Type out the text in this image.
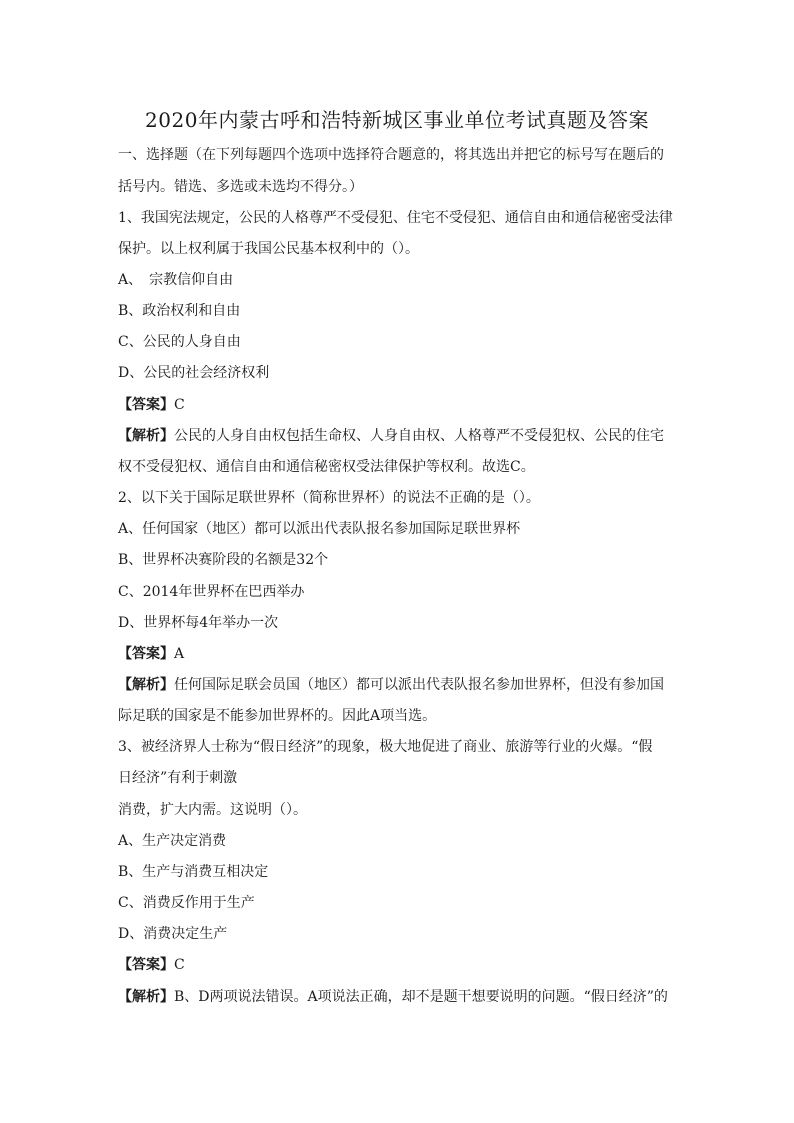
2020年内蒙古呼和浩特新城区事业单位考试真题及答案
一、选择题（在下列每题四个选项中选择符合题意的，将其选出并把它的标号写在题后的
括号内。错选、多选或未选均不得分。）
1、我国宪法规定，公民的人格尊严不受侵犯、住宅不受侵犯、通信自由和通信秘密受法律
保护。以上权利属于我国公民基本权利中的（）。
A、　宗教信仰自由
B、政治权利和自由
C、公民的人身自由
D、公民的社会经济权利
【答案】C
【解析】公民的人身自由权包括生命权、人身自由权、人格尊严不受侵犯权、公民的住宅
权不受侵犯权、通信自由和通信秘密权受法律保护等权利。故选C。
2、以下关于国际足联世界杯（简称世界杯）的说法不正确的是（）。
A、任何国家（地区）都可以派出代表队报名参加国际足联世界杯
B、世界杯决赛阶段的名额是32个
C、2014年世界杯在巴西举办
D、世界杯每4年举办一次
【答案】A
【解析】任何国际足联会员国（地区）都可以派出代表队报名参加世界杯，但没有参加国
际足联的国家是不能参加世界杯的。因此A项当选。
3、被经济界人士称为“假日经济”的现象，极大地促进了商业、旅游等行业的火爆。“假
日经济”有利于刺激
消费，扩大内需。这说明（）。
A、生产决定消费
B、生产与消费互相决定
C、消费反作用于生产
D、消费决定生产
【答案】C
【解析】B、D两项说法错误。A项说法正确，却不是题干想要说明的问题。“假日经济”的
